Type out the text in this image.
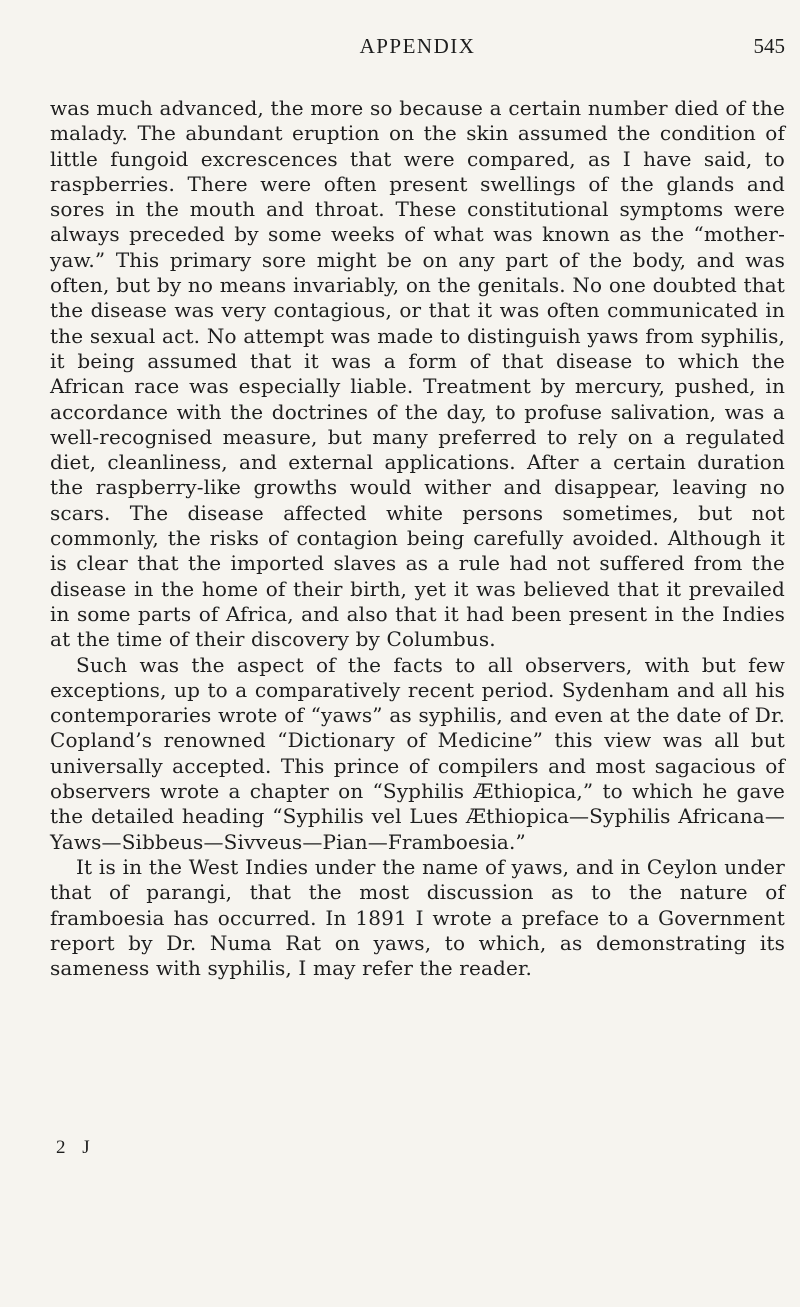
APPENDIX	545

was much advanced, the more so because a certain number died of the malady. The abundant eruption on the skin assumed the condition of little fungoid excrescences that were compared, as I have said, to raspberries. There were often present swellings of the glands and sores in the mouth and throat. These constitutional symptoms were always preceded by some weeks of what was known as the “mother-yaw.” This primary sore might be on any part of the body, and was often, but by no means invariably, on the genitals. No one doubted that the disease was very contagious, or that it was often communicated in the sexual act. No attempt was made to distinguish yaws from syphilis, it being assumed that it was a form of that disease to which the African race was especially liable. Treatment by mercury, pushed, in accordance with the doctrines of the day, to profuse salivation, was a well-recognised measure, but many preferred to rely on a regulated diet, cleanliness, and external applications. After a certain duration the raspberry-like growths would wither and disappear, leaving no scars. The disease affected white persons sometimes, but not commonly, the risks of contagion being carefully avoided. Although it is clear that the imported slaves as a rule had not suffered from the disease in the home of their birth, yet it was believed that it prevailed in some parts of Africa, and also that it had been present in the Indies at the time of their discovery by Columbus.

Such was the aspect of the facts to all observers, with but few exceptions, up to a comparatively recent period. Sydenham and all his contemporaries wrote of “yaws” as syphilis, and even at the date of Dr. Copland’s renowned “Dictionary of Medicine” this view was all but universally accepted. This prince of compilers and most sagacious of observers wrote a chapter on “Syphilis Æthiopica,” to which he gave the detailed heading “Syphilis vel Lues Æthiopica—Syphilis Africana—Yaws—Sibbeus—Sivveus—Pian—Framboesia.”

It is in the West Indies under the name of yaws, and in Ceylon under that of parangi, that the most discussion as to the nature of framboesia has occurred. In 1891 I wrote a preface to a Government report by Dr. Numa Rat on yaws, to which, as demonstrating its sameness with syphilis, I may refer the reader.

2 J
